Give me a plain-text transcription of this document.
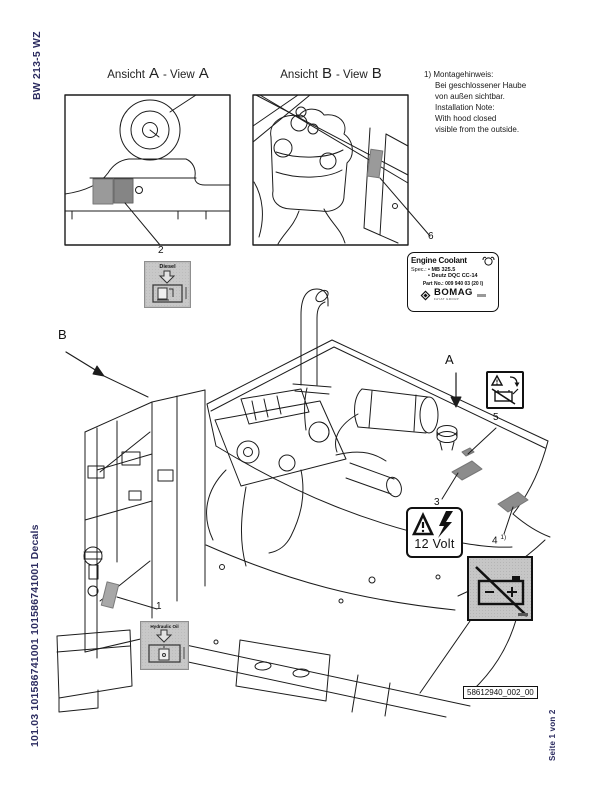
BW 213-5 WZ
101.03 101586741001 101586741001 Decals	Seite 1 von 2
Ansicht A - View A	Ansicht B - View B	1) Montagehinweis:
Bei geschlossener Haube
von außen sichtbar.
Installation Note:
With hood closed
visible from the outside.
Engine Coolant
Spec.: • MB 325.5
• Deutz DQC CC-14
Part No.: 009 940 03 (20 l)
BOMAG
FAYAT GROUP
Diesel
Hydraulic Oil
12 Volt
1
2
3
4 $^{1)}$
5
6
B
A
58612940_002_00
